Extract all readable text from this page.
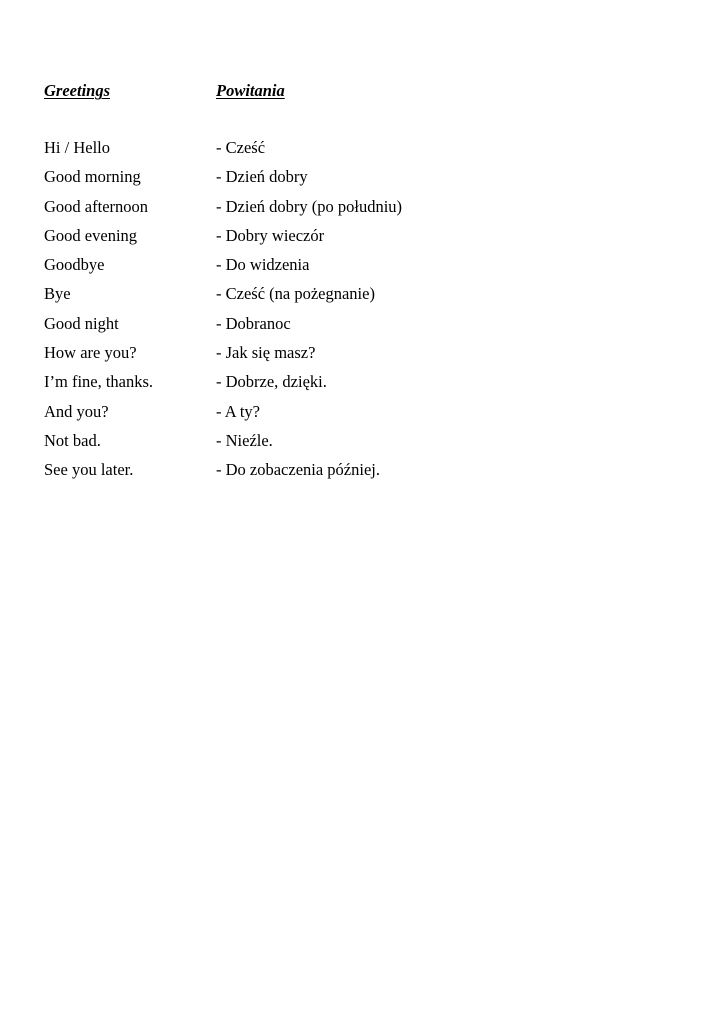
Greetings	Powitania
Hi / Hello	- Cześć
Good morning	- Dzień dobry
Good afternoon	- Dzień dobry (po południu)
Good evening	- Dobry wieczór
Goodbye	- Do widzenia
Bye	- Cześć (na pożegnanie)
Good night	- Dobranoc
How are you?	- Jak się masz?
I’m fine, thanks.	- Dobrze, dzięki.
And you?	- A ty?
Not bad.	- Nieźle.
See you later.	- Do zobaczenia później.
